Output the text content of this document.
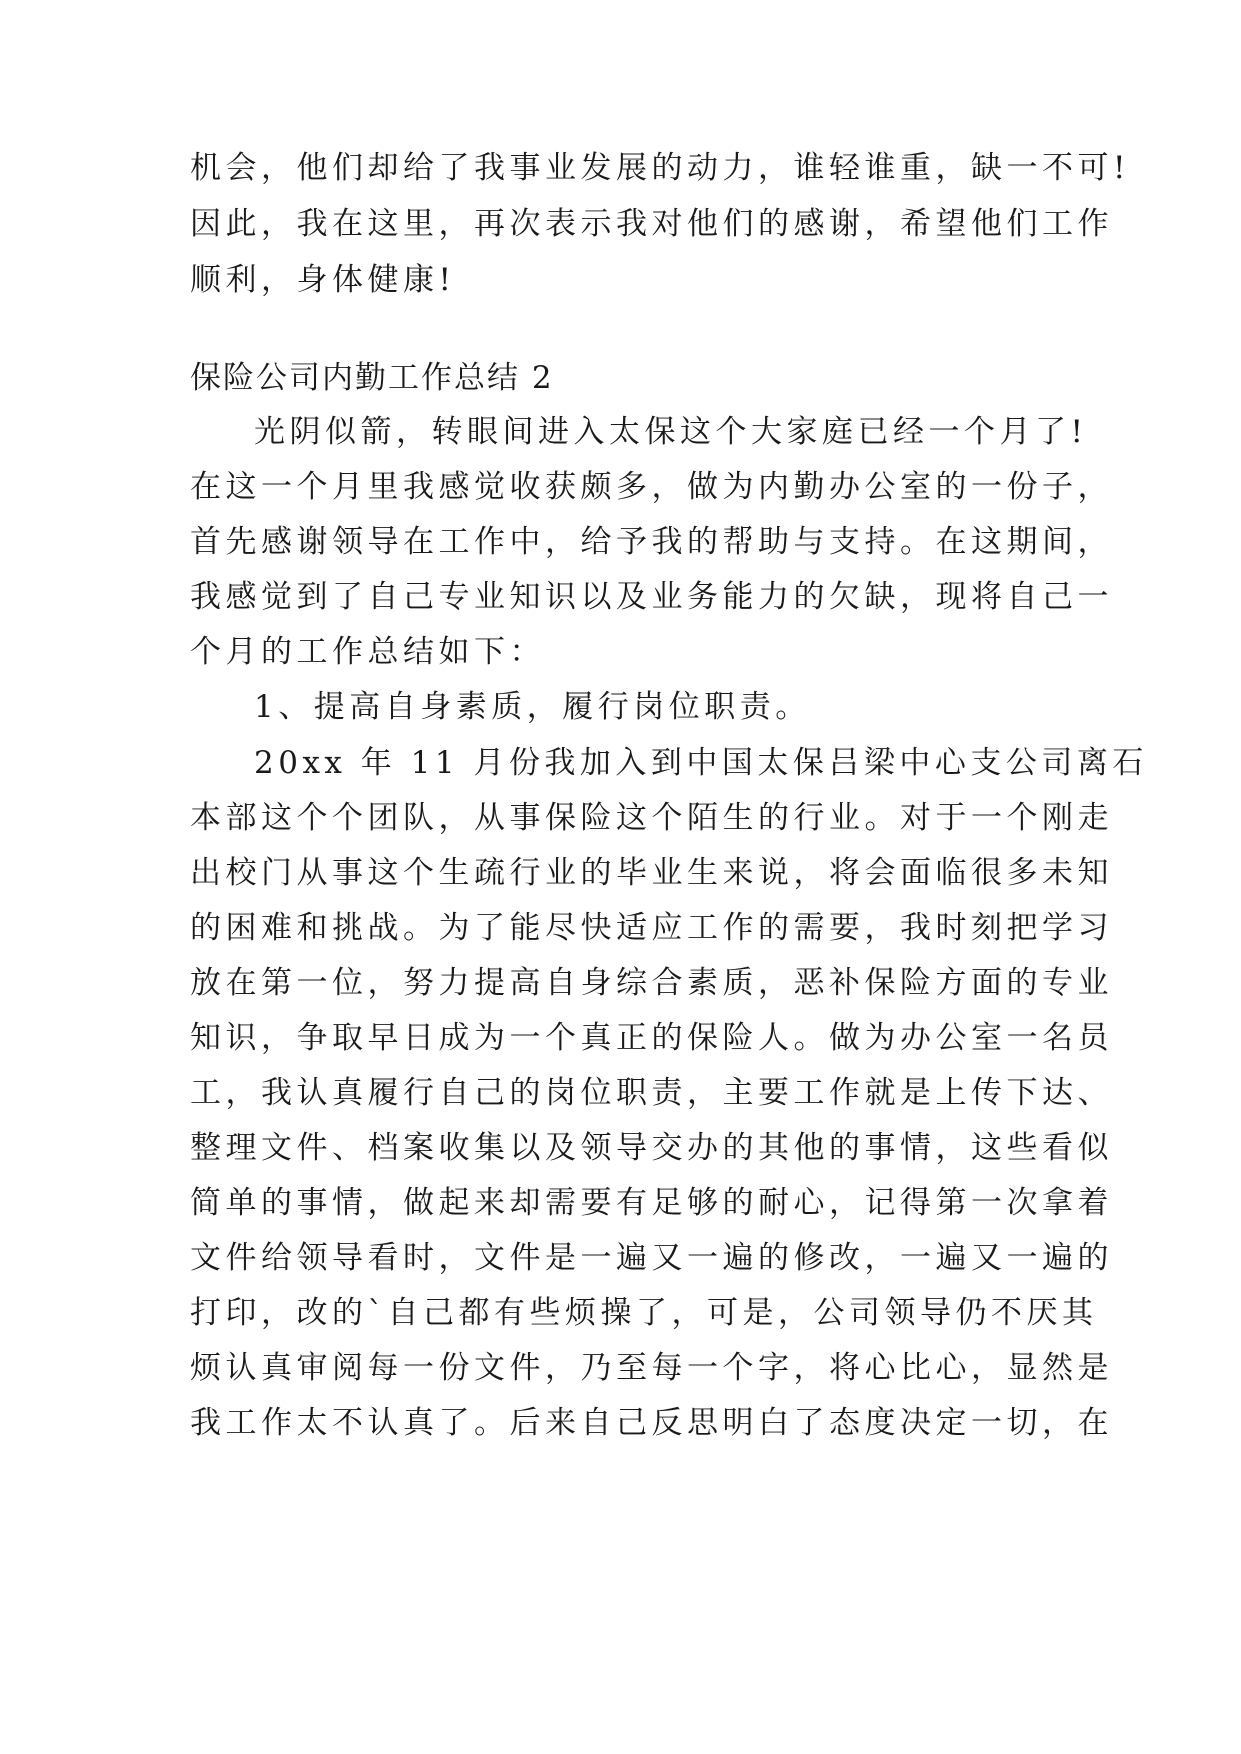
机会，他们却给了我事业发展的动力，谁轻谁重，缺一不可!
因此，我在这里，再次表示我对他们的感谢，希望他们工作
顺利，身体健康!
保险公司内勤工作总结 2
光阴似箭，转眼间进入太保这个大家庭已经一个月了!
在这一个月里我感觉收获颇多，做为内勤办公室的一份子，
首先感谢领导在工作中，给予我的帮助与支持。在这期间，
我感觉到了自己专业知识以及业务能力的欠缺，现将自己一
个月的工作总结如下：
1、提高自身素质，履行岗位职责。
20xx 年 11 月份我加入到中国太保吕梁中心支公司离石
本部这个个团队，从事保险这个陌生的行业。对于一个刚走
出校门从事这个生疏行业的毕业生来说，将会面临很多未知
的困难和挑战。为了能尽快适应工作的需要，我时刻把学习
放在第一位，努力提高自身综合素质，恶补保险方面的专业
知识，争取早日成为一个真正的保险人。做为办公室一名员
工，我认真履行自己的岗位职责，主要工作就是上传下达、
整理文件、档案收集以及领导交办的其他的事情，这些看似
简单的事情，做起来却需要有足够的耐心，记得第一次拿着
文件给领导看时，文件是一遍又一遍的修改，一遍又一遍的
打印，改的`自己都有些烦操了，可是，公司领导仍不厌其
烦认真审阅每一份文件，乃至每一个字，将心比心，显然是
我工作太不认真了。后来自己反思明白了态度决定一切，在
